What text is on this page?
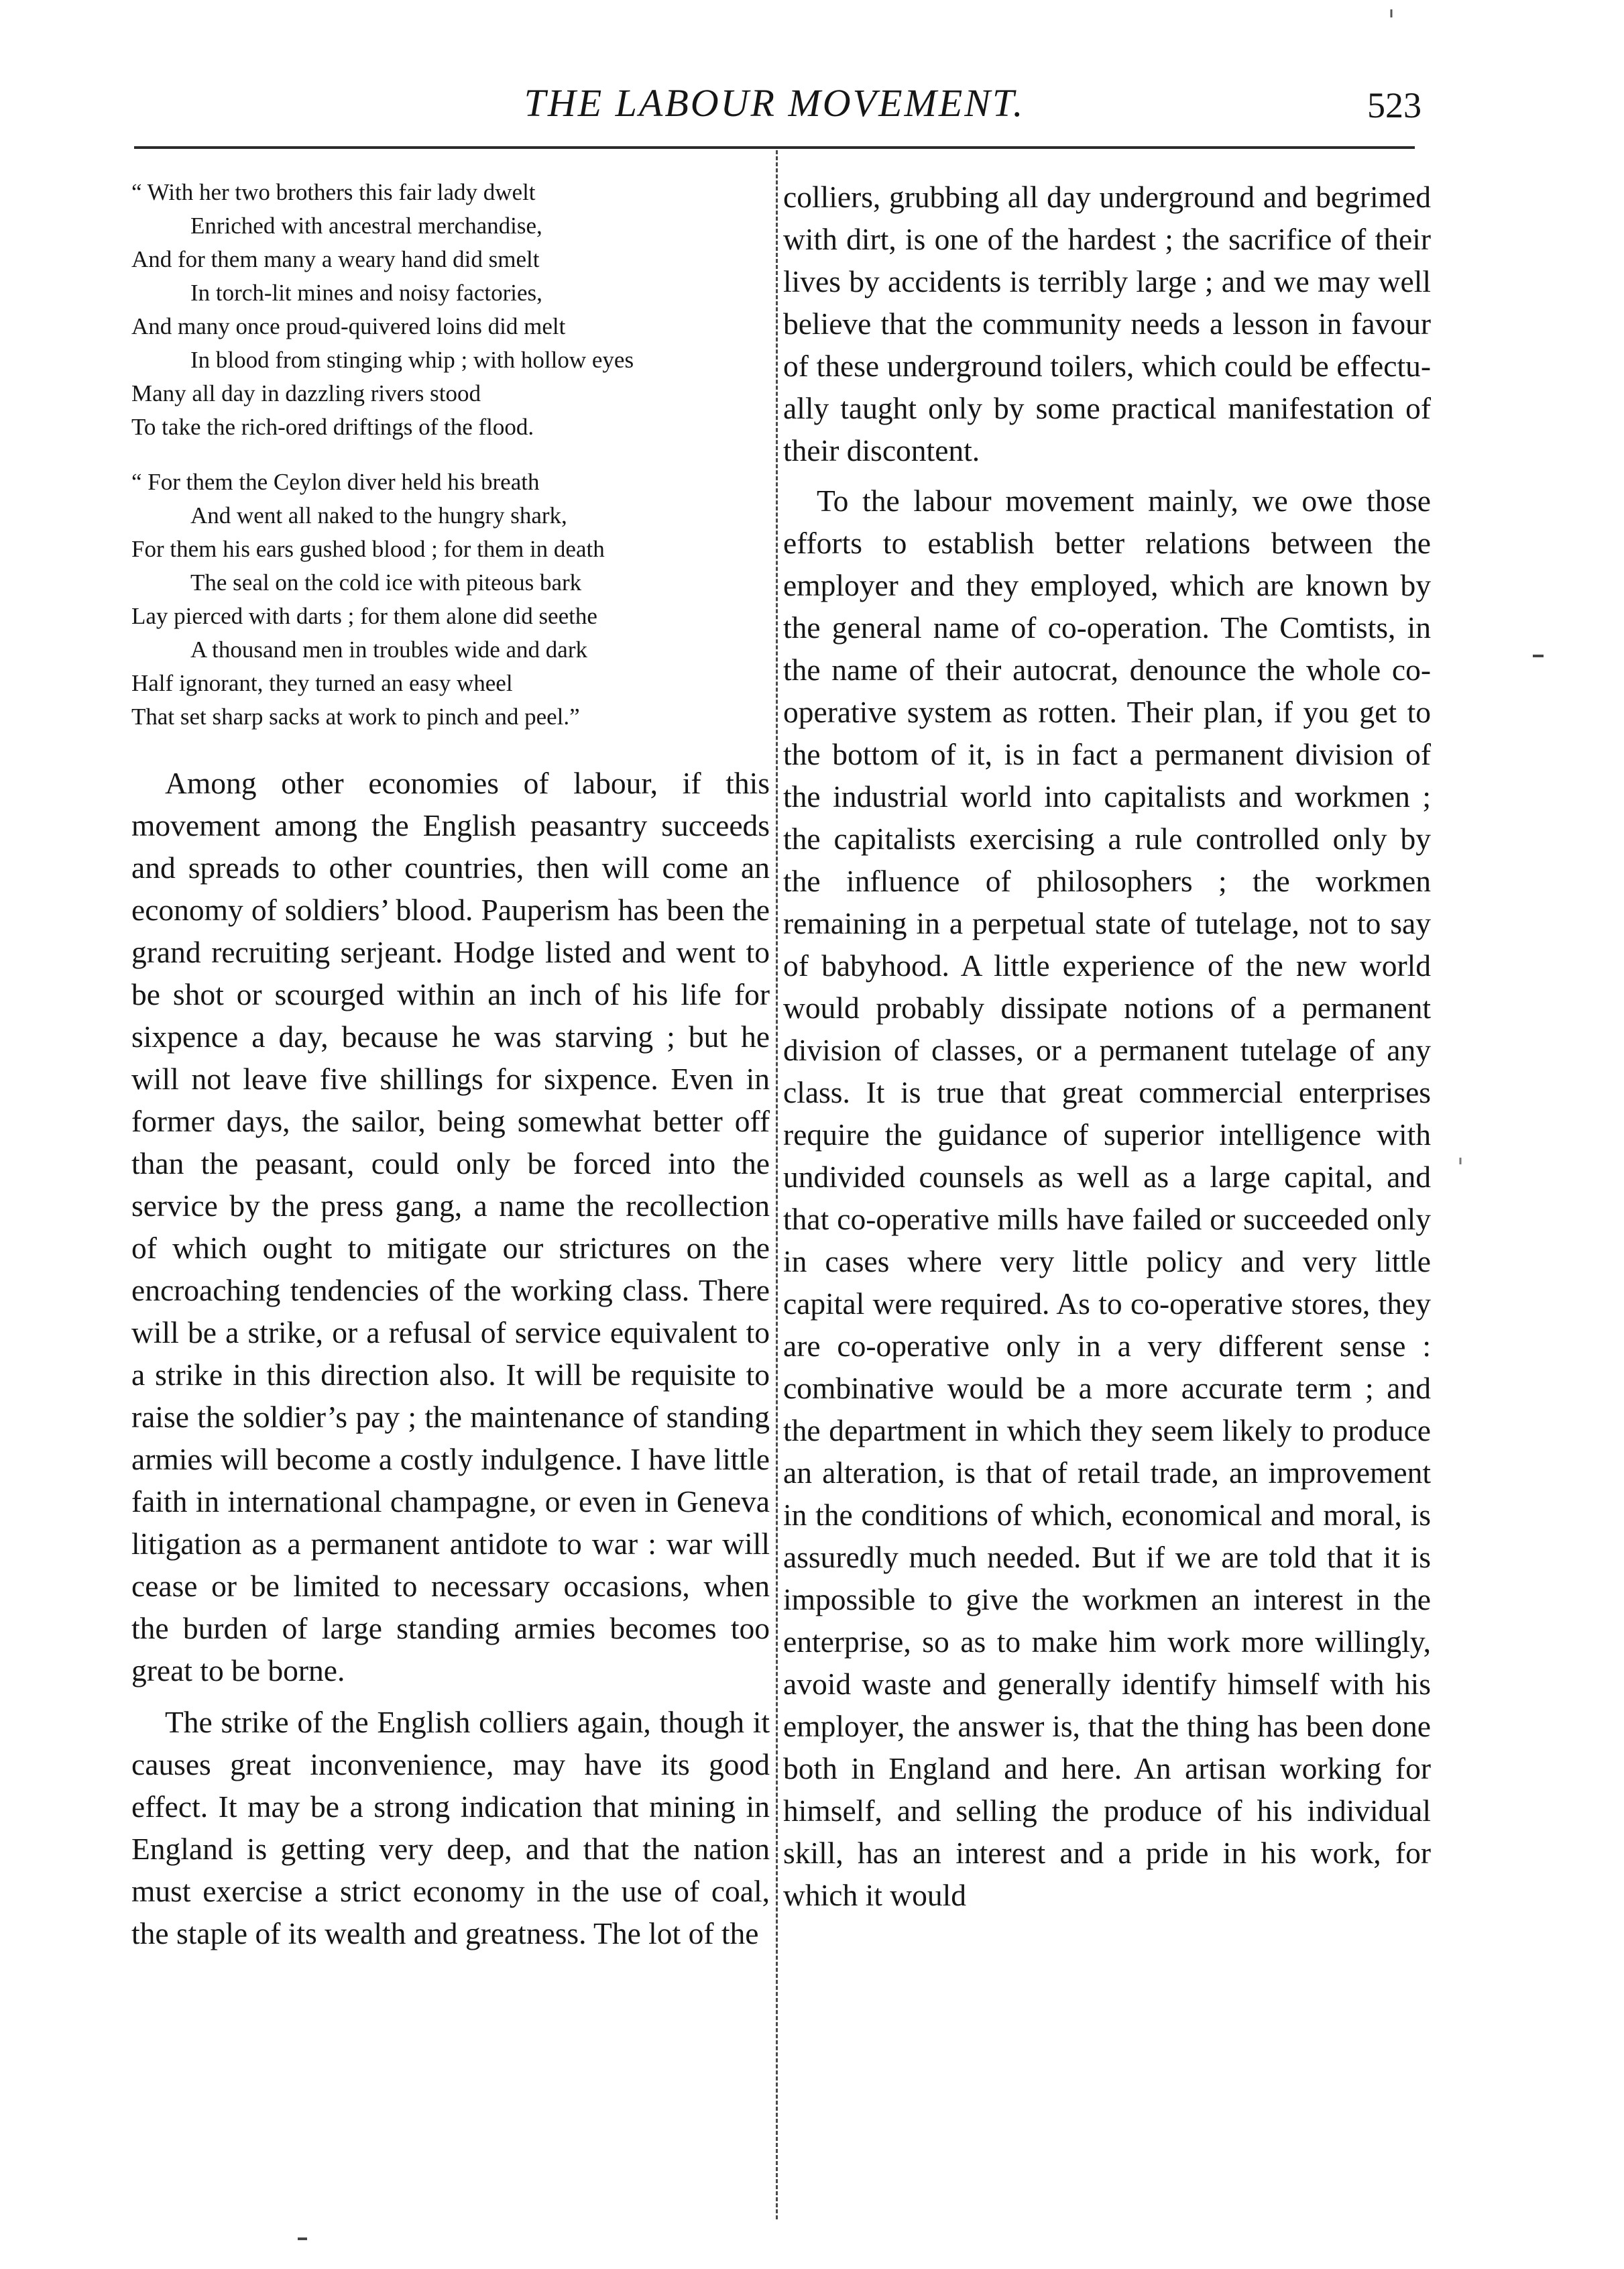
THE LABOUR MOVEMENT.	523
“ With her two brothers this fair lady dwelt
Enriched with ancestral merchandise,
And for them many a weary hand did smelt
In torch-lit mines and noisy factories,
And many once proud-quivered loins did melt
In blood from stinging whip ; with hollow eyes
Many all day in dazzling rivers stood
To take the rich-ored driftings of the flood.
“ For them the Ceylon diver held his breath
And went all naked to the hungry shark,
For them his ears gushed blood ; for them in death
The seal on the cold ice with piteous bark
Lay pierced with darts ; for them alone did seethe
A thousand men in troubles wide and dark
Half ignorant, they turned an easy wheel
That set sharp sacks at work to pinch and peel.”

Among other economies of labour, if this movement among the English peasantry succeeds and spreads to other countries, then will come an economy of soldiers’ blood. Pauperism has been the grand recruiting serjeant. Hodge listed and went to be shot or scourged within an inch of his life for sixpence a day, because he was starving ; but he will not leave five shillings for sixpence. Even in former days, the sailor, being somewhat better off than the peasant, could only be forced into the service by the press gang, a name the recollection of which ought to mitigate our strictures on the encroaching tendencies of the working class. There will be a strike, or a refusal of service equivalent to a strike in this direction also. It will be requisite to raise the soldier’s pay ; the maintenance of standing armies will become a costly indulgence. I have little faith in international champagne, or even in Geneva litigation as a permanent antidote to war : war will cease or be limited to necessary occasions, when the burden of large standing armies becomes too great to be borne.

The strike of the English colliers again, though it causes great inconvenience, may have its good effect. It may be a strong indication that mining in England is getting very deep, and that the nation must exercise a strict economy in the use of coal, the staple of its wealth and greatness. The lot of the

colliers, grubbing all day underground and begrimed with dirt, is one of the hardest ; the sacrifice of their lives by accidents is terribly large ; and we may well believe that the community needs a lesson in favour of these underground toilers, which could be effectually taught only by some practical manifestation of their discontent.

To the labour movement mainly, we owe those efforts to establish better relations between the employer and they employed, which are known by the general name of co-operation. The Comtists, in the name of their autocrat, denounce the whole co-operative system as rotten. Their plan, if you get to the bottom of it, is in fact a permanent division of the industrial world into capitalists and workmen ; the capitalists exercising a rule controlled only by the influence of philosophers ; the workmen remaining in a perpetual state of tutelage, not to say of babyhood. A little experience of the new world would probably dissipate notions of a permanent division of classes, or a permanent tutelage of any class. It is true that great commercial enterprises require the guidance of superior intelligence with undivided counsels as well as a large capital, and that co-operative mills have failed or succeeded only in cases where very little policy and very little capital were required. As to co-operative stores, they are co-operative only in a very different sense : combinative would be a more accurate term ; and the department in which they seem likely to produce an alteration, is that of retail trade, an improvement in the conditions of which, economical and moral, is assuredly much needed. But if we are told that it is impossible to give the workmen an interest in the enterprise, so as to make him work more willingly, avoid waste and generally identify himself with his employer, the answer is, that the thing has been done both in England and here. An artisan working for himself, and selling the produce of his individual skill, has an interest and a pride in his work, for which it would
